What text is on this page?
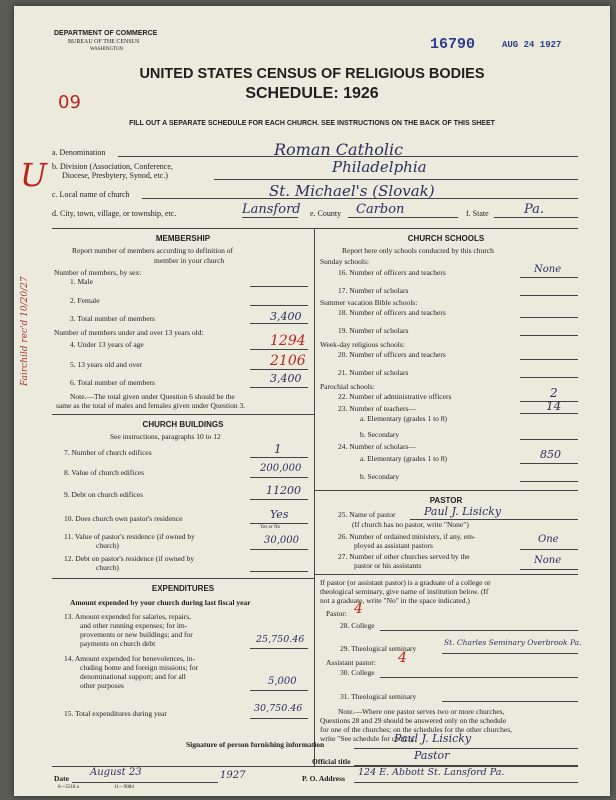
DEPARTMENT OF COMMERCE
BUREAU OF THE CENSUS
WASHINGTON	16790	AUG 24 1927
UNITED STATES CENSUS OF RELIGIOUS BODIES
SCHEDULE: 1926
09
FILL OUT A SEPARATE SCHEDULE FOR EACH CHURCH. SEE INSTRUCTIONS ON THE BACK OF THIS SHEET
a. Denomination	Roman Catholic
b. Division (Association, Conference,
Diocese, Presbytery, Synod, etc.)	Philadelphia
c. Local name of church	St. Michael's (Slovak)
d. City, town, village, or township, etc.	Lansford e. County Carbon	f. State	Pa.
U
Fairchild rec'd 10/20/27
MEMBERSHIP
Report number of members according to definition of
member in your church
Number of members, by sex:
1. Male
2. Female
3. Total number of members	3,400
Number of members under and over 13 years old:
4. Under 13 years of age	1294
5. 13 years old and over	2106
6. Total number of members	3,400
Note.—The total given under Question 6 should be the
same as the total of males and females given under Question 3.
CHURCH BUILDINGS
See instructions, paragraphs 10 to 12
7. Number of church edifices	1
8. Value of church edifices	200,000
9. Debt on church edifices	11200
10. Does church own pastor's residence	Yes
Yes or No
11. Value of pastor's residence (if owned by
church)	30,000
12. Debt on pastor's residence (if owned by
church)
EXPENDITURES
Amount expended by your church during last fiscal year
13. Amount expended for salaries, repairs,
and other running expenses; for im-
provements or new buildings; and for
payments on church debt	25,750.46
14. Amount expended for benevolences, in-
cluding home and foreign missions; for
denominational support; and for all
other purposes	5,000
15. Total expenditures during year	30,750.46
CHURCH SCHOOLS
Report here only schools conducted by this church
Sunday schools:
16. Number of officers and teachers	None
17. Number of scholars
Summer vacation Bible schools:
18. Number of officers and teachers
19. Number of scholars
Week-day religious schools:
20. Number of officers and teachers
21. Number of scholars
Parochial schools:
22. Number of administrative officers	2
23. Number of teachers—	14
a. Elementary (grades 1 to 8)
b. Secondary
24. Number of scholars—
a. Elementary (grades 1 to 8)	850
b. Secondary
PASTOR
25. Name of pastor	Paul J. Lisicky
(If church has no pastor, write "None")
26. Number of ordained ministers, if any, em-
ployed as assistant pastors
One
27. Number of other churches served by the
pastor or his assistants	None
If pastor (or assistant pastor) is a graduate of a college or
theological seminary, give name of institution below. (If
not a graduate, write "No" in the space indicated.)
Pastor: 4
28. College
29. Theological seminary
St. Charles Seminary Overbrook Pa.
Assistant pastor: 4
30. College
31. Theological seminary
Note.—Where one pastor serves two or more churches,
Questions 28 and 29 should be answered only on the schedule
for one of the churches; on the schedules for the other churches,
write "See schedule for church."
Signature of person furnishing information	Paul J. Lisicky
Official title	Pastor
Date
August 23	1927
6—5518 a	11—9084
P. O. Address
124 E. Abbott St. Lansford Pa.
